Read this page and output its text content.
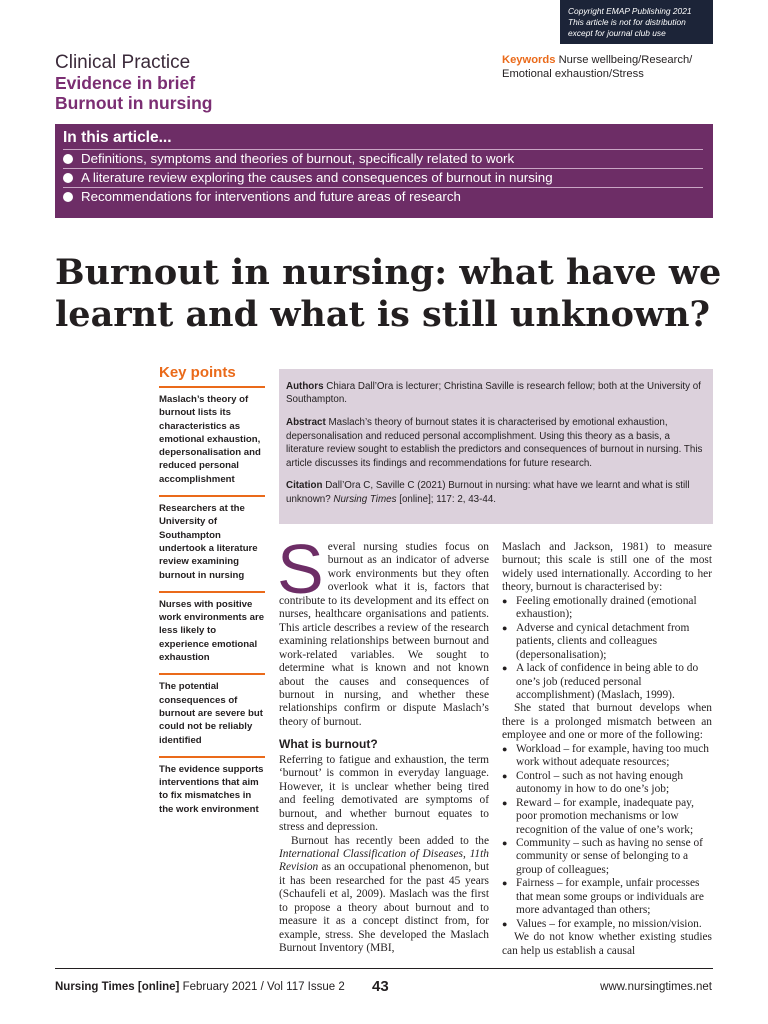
Copyright EMAP Publishing 2021
This article is not for distribution
except for journal club use
Clinical Practice
Evidence in brief
Burnout in nursing
Keywords Nurse wellbeing/Research/
Emotional exhaustion/Stress
In this article...
Definitions, symptoms and theories of burnout, specifically related to work
A literature review exploring the causes and consequences of burnout in nursing
Recommendations for interventions and future areas of research
Burnout in nursing: what have we
learnt and what is still unknown?
Key points
Maslach’s theory of burnout lists its characteristics as emotional exhaustion, depersonalisation and reduced personal accomplishment
Researchers at the University of Southampton undertook a literature review examining burnout in nursing
Nurses with positive work environments are less likely to experience emotional exhaustion
The potential consequences of burnout are severe but could not be reliably identified
The evidence supports interventions that aim to fix mismatches in the work environment

Authors Chiara Dall’Ora is lecturer; Christina Saville is research fellow; both at the University of Southampton.

Abstract Maslach’s theory of burnout states it is characterised by emotional exhaustion, depersonalisation and reduced personal accomplishment. Using this theory as a basis, a literature review sought to establish the predictors and consequences of burnout in nursing. This article discusses its findings and recommendations for future research.

Citation Dall’Ora C, Saville C (2021) Burnout in nursing: what have we learnt and what is still unknown? Nursing Times [online]; 117: 2, 43-44.

Several nursing studies focus on burnout as an indicator of adverse work environments but they often overlook what it is, factors that contribute to its development and its effect on nurses, healthcare organisations and patients. This article describes a review of the research examining relationships between burnout and work-related variables. We sought to determine what is known and not known about the causes and consequences of burnout in nursing, and whether these relationships confirm or dispute Maslach’s theory of burnout.

What is burnout?

Referring to fatigue and exhaustion, the term ‘burnout’ is common in everyday language. However, it is unclear whether being tired and feeling demotivated are symptoms of burnout, and whether burnout equates to stress and depression.

Burnout has recently been added to the International Classification of Diseases, 11th Revision as an occupational phenomenon, but it has been researched for the past 45 years (Schaufeli et al, 2009). Maslach was the first to propose a theory about burnout and to measure it as a concept distinct from, for example, stress. She developed the Maslach Burnout Inventory (MBI,

Maslach and Jackson, 1981) to measure burnout; this scale is still one of the most widely used internationally. According to her theory, burnout is characterised by:

● Feeling emotionally drained (emotional exhaustion);
● Adverse and cynical detachment from patients, clients and colleagues (depersonalisation);
● A lack of confidence in being able to do one’s job (reduced personal accomplishment) (Maslach, 1999).

She stated that burnout develops when there is a prolonged mismatch between an employee and one or more of the following:

● Workload – for example, having too much work without adequate resources;
● Control – such as not having enough autonomy in how to do one’s job;
● Reward – for example, inadequate pay, poor promotion mechanisms or low recognition of the value of one’s work;
● Community – such as having no sense of community or sense of belonging to a group of colleagues;
● Fairness – for example, unfair processes that mean some groups or individuals are more advantaged than others;
● Values – for example, no mission/vision.

We do not know whether existing studies can help us establish a causal

Nursing Times [online] February 2021 / Vol 117 Issue 2 43	www.nursingtimes.net
